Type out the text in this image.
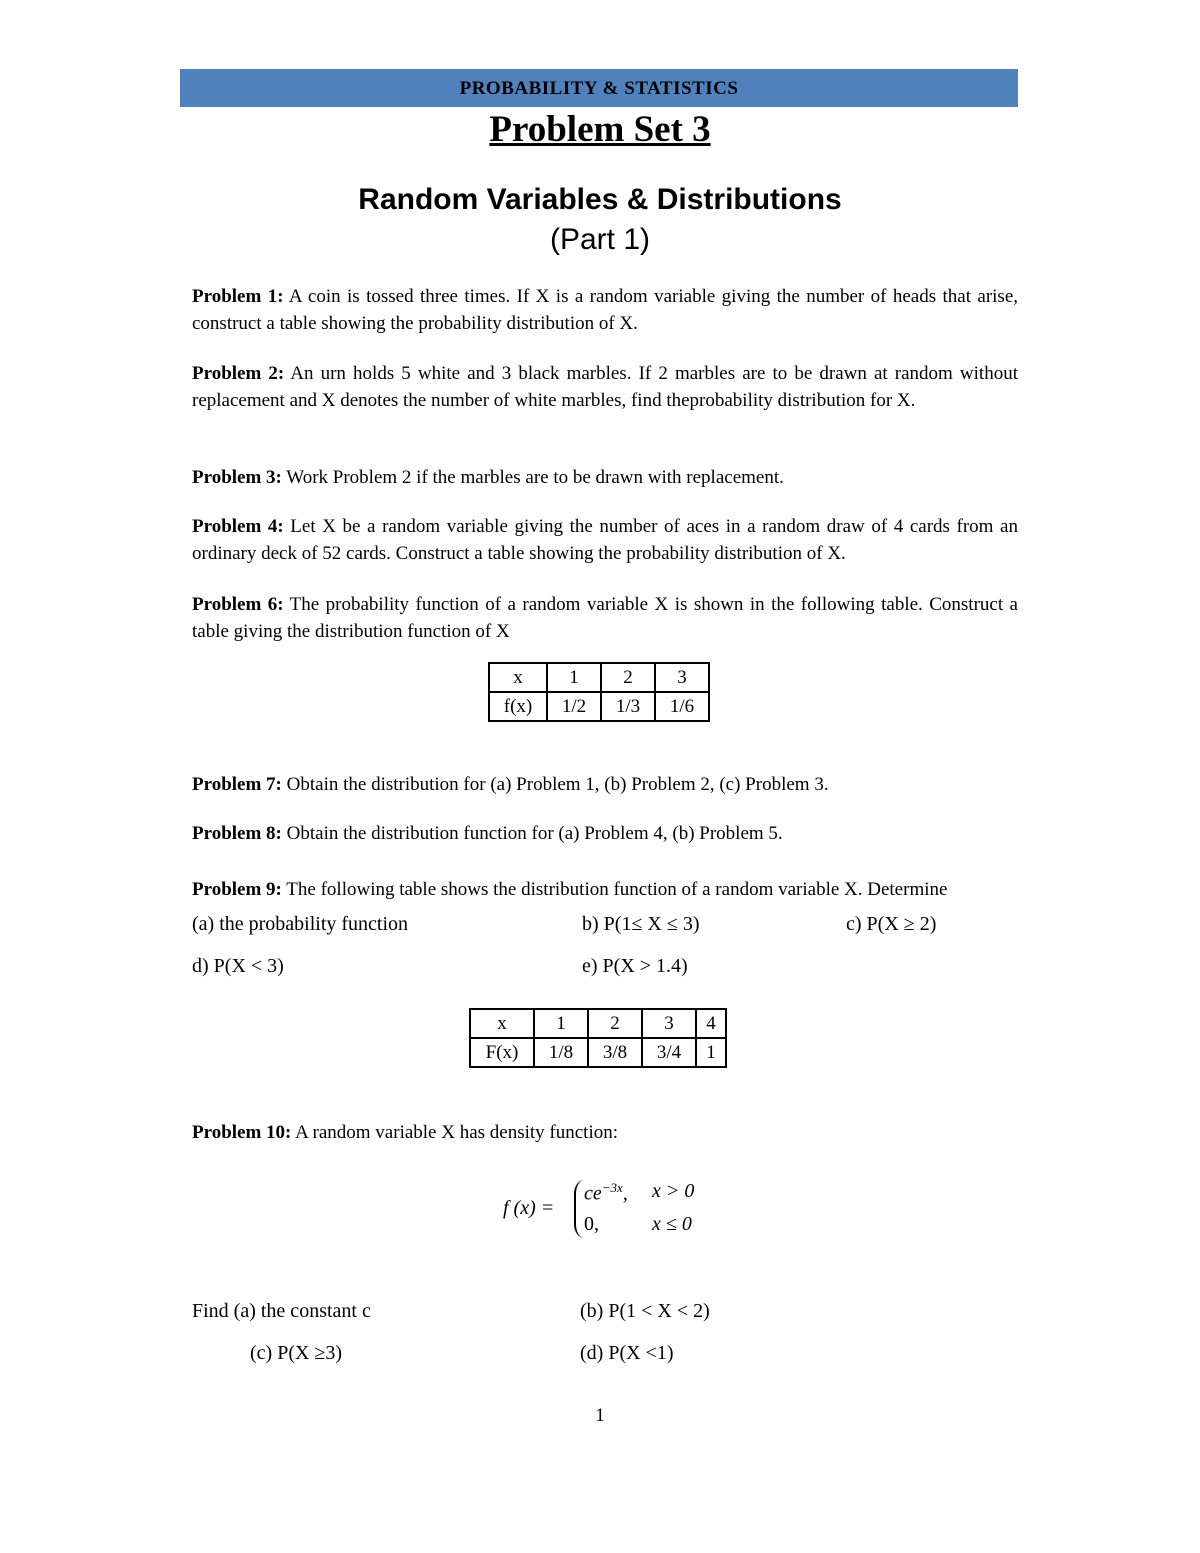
PROBABILITY & STATISTICS
Problem Set 3
Random Variables & Distributions
(Part 1)
Problem 1: A coin is tossed three times. If X is a random variable giving the number of heads that arise, construct a table showing the probability distribution of X.
Problem 2: An urn holds 5 white and 3 black marbles. If 2 marbles are to be drawn at random without replacement and X denotes the number of white marbles, find theprobability distribution for X.
Problem 3: Work Problem 2 if the marbles are to be drawn with replacement.
Problem 4: Let X be a random variable giving the number of aces in a random draw of 4 cards from an ordinary deck of 52 cards. Construct a table showing the probability distribution of X.
Problem 6: The probability function of a random variable X is shown in the following table. Construct a table giving the distribution function of X
x	1	2	3
f(x)	1/2	1/3	1/6
Problem 7: Obtain the distribution for (a) Problem 1, (b) Problem 2, (c) Problem 3.
Problem 8: Obtain the distribution function for (a) Problem 4, (b) Problem 5.
Problem 9: The following table shows the distribution function of a random variable X. Determine
(a) the probability function	b) P(1≤ X ≤ 3)	c) P(X ≥ 2)
d) P(X < 3)	e) P(X > 1.4)
x	1	2	3	4
F(x)	1/8	3/8	3/4	1
Problem 10: A random variable X has density function:
f (x) =
$ce^{-3x}$, x > 0
0,	x ≤ 0
Find (a) the constant c	(b) P(1 < X < 2)
(c) P(X ≥3)	(d) P(X <1)
1
